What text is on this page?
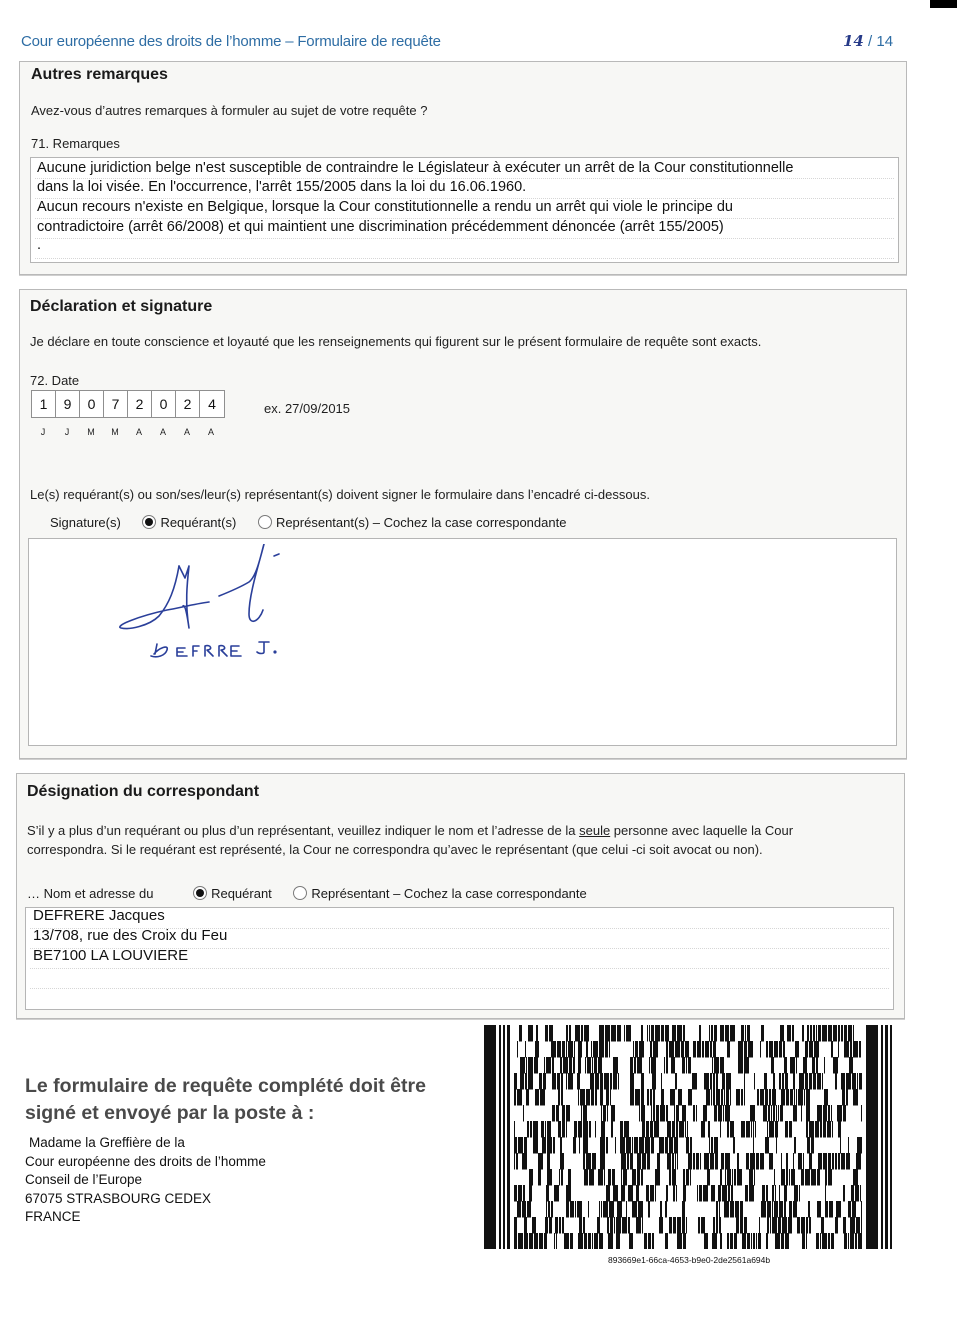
Cour européenne des droits de l’homme – Formulaire de requête	14 / 14
Autres remarques
Avez-vous d’autres remarques à formuler au sujet de votre requête ?
71. Remarques
Aucune juridiction belge n'est susceptible de contraindre le Législateur à exécuter un arrêt de la Cour constitutionnelle
dans la loi visée. En l'occurrence, l'arrêt 155/2005 dans la loi du 16.06.1960.
Aucun recours n'existe en Belgique, lorsque la Cour constitutionnelle a rendu un arrêt qui viole le principe du
contradictoire (arrêt 66/2008) et qui maintient une discrimination précédemment dénoncée (arrêt 155/2005)
.
Déclaration et signature
Je déclare en toute conscience et loyauté que les renseignements qui figurent sur le présent formulaire de requête sont exacts.
72. Date
1	9	0	7	2	0	2	4	ex. 27/09/2015
J	J	M	M	A	A	A	A
Le(s) requérant(s) ou son/ses/leur(s) représentant(s) doivent signer le formulaire dans l’encadré ci-dessous.
Signature(s)	Requérant(s)	Représentant(s) – Cochez la case correspondante
Désignation du correspondant
S’il y a plus d’un requérant ou plus d’un représentant, veuillez indiquer le nom et l’adresse de la seule personne avec laquelle la Cour
correspondra. Si le requérant est représenté, la Cour ne correspondra qu’avec le représentant (que celui -ci soit avocat ou non).
… Nom et adresse du	Requérant	Représentant – Cochez la case correspondante
DEFRERE Jacques
13/708, rue des Croix du Feu
BE7100 LA LOUVIERE
Le formulaire de requête complété doit être
signé et envoyé par la poste à :
Madame la Greffière de la
Cour européenne des droits de l’homme
Conseil de l’Europe
67075 STRASBOURG CEDEX
FRANCE
893669e1-66ca-4653-b9e0-2de2561a694b
